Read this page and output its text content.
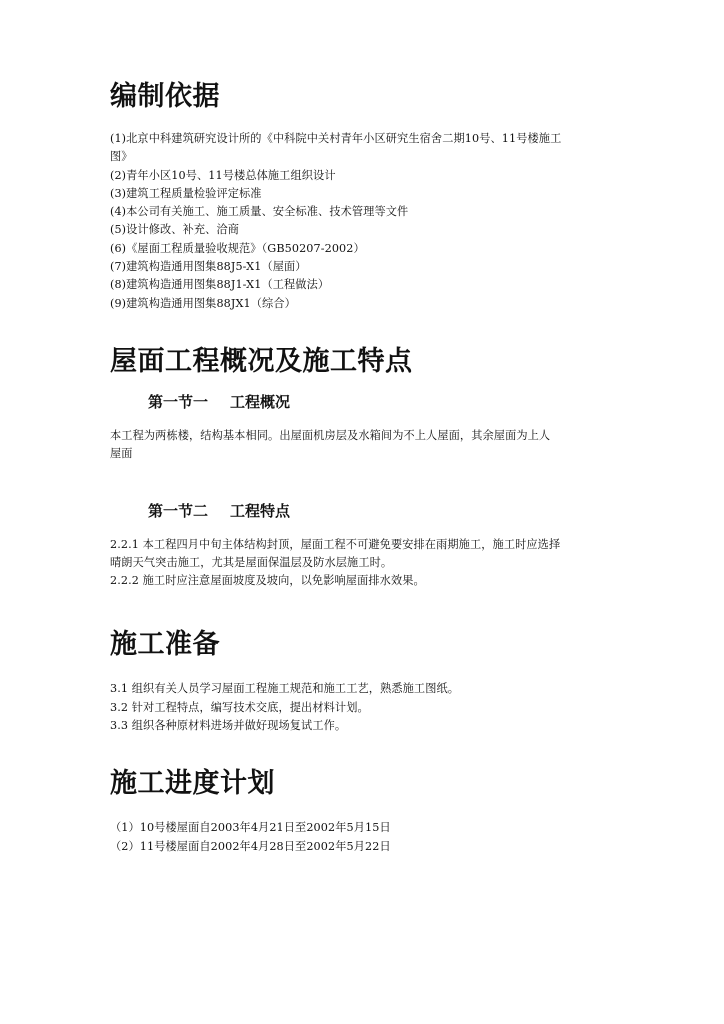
编制依据

(1)北京中科建筑研究设计所的《中科院中关村青年小区研究生宿舍二期10号、11号楼施工

图》

(2)青年小区10号、11号楼总体施工组织设计

(3)建筑工程质量检验评定标准

(4)本公司有关施工、施工质量、安全标准、技术管理等文件

(5)设计修改、补充、洽商

(6)《屋面工程质量验收规范》（GB50207-2002）

(7)建筑构造通用图集88J5-X1（屋面）

(8)建筑构造通用图集88J1-X1（工程做法）

(9)建筑构造通用图集88JX1（综合）

屋面工程概况及施工特点
第一节一 工程概况

本工程为两栋楼，结构基本相同。出屋面机房层及水箱间为不上人屋面，其余屋面为上人

屋面

第一节二 工程特点

2.2.1 本工程四月中旬主体结构封顶，屋面工程不可避免要安排在雨期施工，施工时应选择

晴朗天气突击施工，尤其是屋面保温层及防水层施工时。

2.2.2 施工时应注意屋面坡度及坡向，以免影响屋面排水效果。

施工准备

3.1 组织有关人员学习屋面工程施工规范和施工工艺，熟悉施工图纸。

3.2 针对工程特点，编写技术交底，提出材料计划。

3.3 组织各种原材料进场并做好现场复试工作。

施工进度计划

（1）10号楼屋面自2003年4月21日至2002年5月15日

（2）11号楼屋面自2002年4月28日至2002年5月22日
